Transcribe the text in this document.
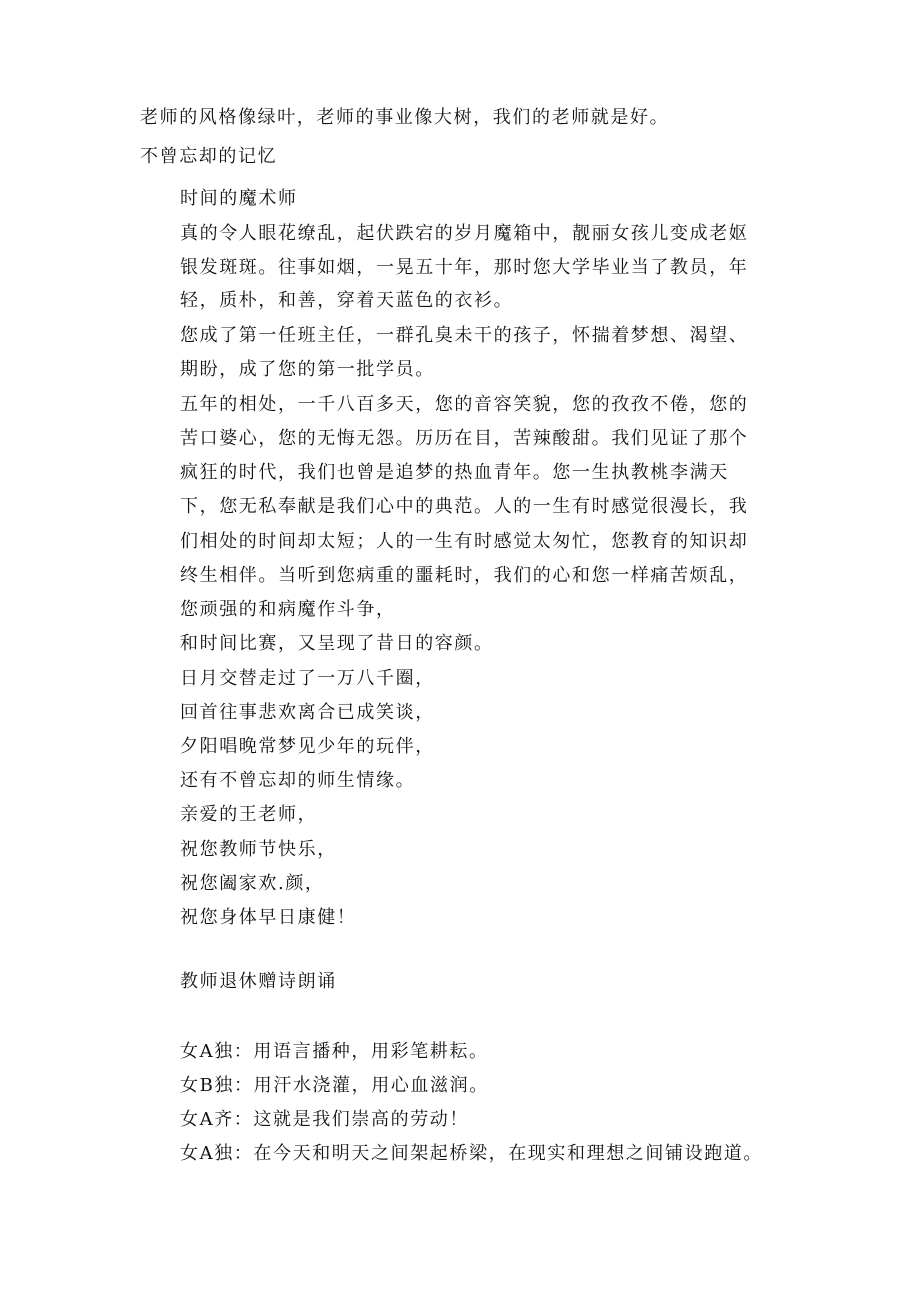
老师的风格像绿叶，老师的事业像大树，我们的老师就是好。
不曾忘却的记忆
时间的魔术师
真的令人眼花缭乱，起伏跌宕的岁月魔箱中，靓丽女孩儿变成老妪
银发斑斑。往事如烟，一晃五十年，那时您大学毕业当了教员，年
轻，质朴，和善，穿着天蓝色的衣衫。
您成了第一任班主任，一群孔臭未干的孩子，怀揣着梦想、渴望、
期盼，成了您的第一批学员。
五年的相处，一千八百多天，您的音容笑貌，您的孜孜不倦，您的
苦口婆心，您的无悔无怨。历历在目，苦辣酸甜。我们见证了那个
疯狂的时代，我们也曾是追梦的热血青年。您一生执教桃李满天
下，您无私奉献是我们心中的典范。人的一生有时感觉很漫长，我
们相处的时间却太短；人的一生有时感觉太匆忙，您教育的知识却
终生相伴。当听到您病重的噩耗时，我们的心和您一样痛苦烦乱，
您顽强的和病魔作斗争，
和时间比赛，又呈现了昔日的容颜。
日月交替走过了一万八千圈，
回首往事悲欢离合已成笑谈，
夕阳唱晚常梦见少年的玩伴，
还有不曾忘却的师生情缘。
亲爱的王老师，
祝您教师节快乐，
祝您阖家欢.颜，
祝您身体早日康健！
教师退休赠诗朗诵
女A独：用语言播种，用彩笔耕耘。
女B独：用汗水浇灌，用心血滋润。
女A齐：这就是我们崇高的劳动！
女A独：在今天和明天之间架起桥梁，在现实和理想之间铺设跑道。
